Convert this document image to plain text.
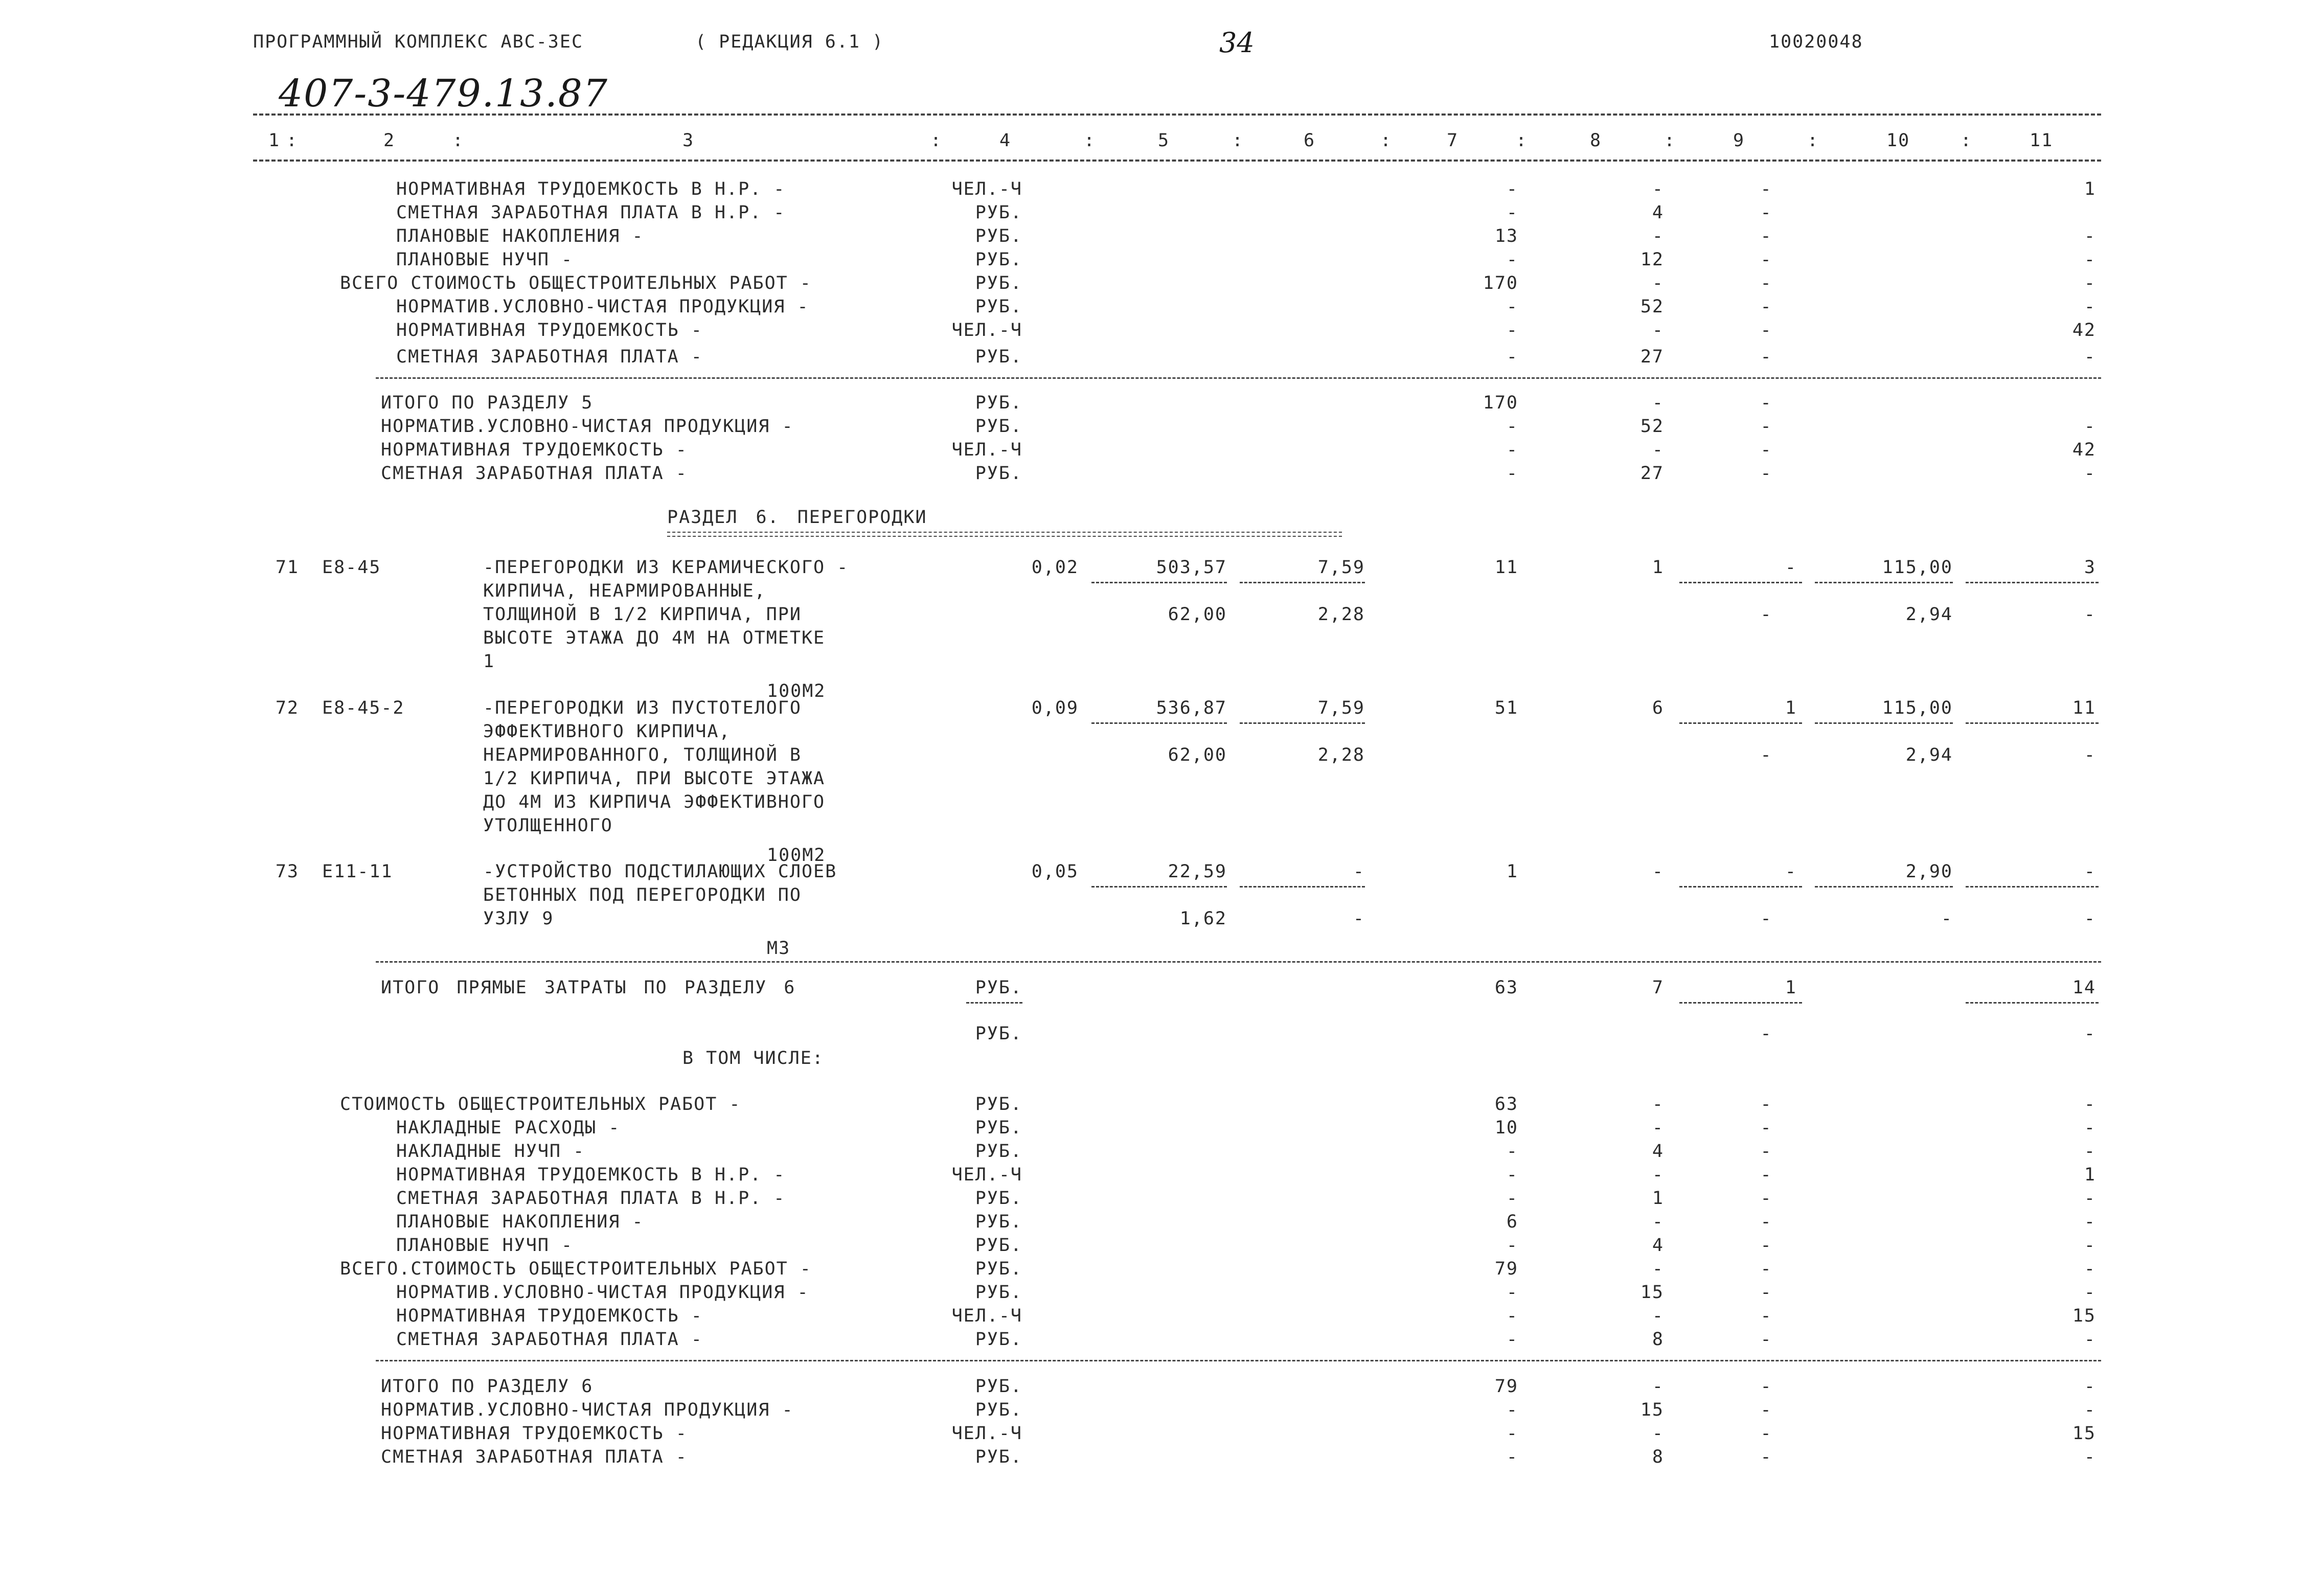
ПРОГРАММНЫЙ КОМПЛЕКС АВС-3ЕС	( РЕДАКЦИЯ 6.1 )	34	10020048
407-3-479.13.87
1 :	2	:	3	:	4	:	5	:	6	:	7	:	8	:	9	:	10	:	11
НОРМАТИВНАЯ ТРУДОЕМКОСТЬ В Н.Р. -	ЧЕЛ.-Ч	-	-	-	1
СМЕТНАЯ ЗАРАБОТНАЯ ПЛАТА В Н.Р. -	РУБ.	-	4	-
ПЛАНОВЫЕ НАКОПЛЕНИЯ -	РУБ.	13	-	-	-
ПЛАНОВЫЕ НУЧП -	РУБ.	-	12	-	-
ВСЕГО СТОИМОСТЬ ОБЩЕСТРОИТЕЛЬНЫХ РАБОТ -	РУБ.	170	-	-	-
НОРМАТИВ.УСЛОВНО-ЧИСТАЯ ПРОДУКЦИЯ -	РУБ.	-	52	-	-
НОРМАТИВНАЯ ТРУДОЕМКОСТЬ -	ЧЕЛ.-Ч	-	-	-	42
СМЕТНАЯ ЗАРАБОТНАЯ ПЛАТА -	РУБ.	-	27	-	-
ИТОГО ПО РАЗДЕЛУ 5	РУБ.	170	-	-
НОРМАТИВ.УСЛОВНО-ЧИСТАЯ ПРОДУКЦИЯ -	РУБ.	-	52	-	-
НОРМАТИВНАЯ ТРУДОЕМКОСТЬ -	ЧЕЛ.-Ч	-	-	-	42
СМЕТНАЯ ЗАРАБОТНАЯ ПЛАТА -	РУБ.	-	27	-	-
РАЗДЕЛ 6. ПЕРЕГОРОДКИ
71 Е8-45	-ПЕРЕГОРОДКИ ИЗ КЕРАМИЧЕСКОГО -
КИРПИЧА, НЕАРМИРОВАННЫЕ,
ТОЛЩИНОЙ В 1/2 КИРПИЧА, ПРИ
ВЫСОТЕ ЭТАЖА ДО 4М НА ОТМЕТКЕ
1
100М2
0,02	503,57	7,59	11	1	-	115,00	3
62,00	2,28	-	2,94	-
72 Е8-45-2	-ПЕРЕГОРОДКИ ИЗ ПУСТОТЕЛОГО
ЭФФЕКТИВНОГО КИРПИЧА,
НЕАРМИРОВАННОГО, ТОЛЩИНОЙ В
1/2 КИРПИЧА, ПРИ ВЫСОТЕ ЭТАЖА
ДО 4М ИЗ КИРПИЧА ЭФФЕКТИВНОГО
УТОЛЩЕННОГО
100М2
0,09	536,87	7,59	51	6	1	115,00	11
62,00	2,28	-	2,94	-
73 Е11-11	-УСТРОЙСТВО ПОДСТИЛАЮЩИХ СЛОЕВ
БЕТОННЫХ ПОД ПЕРЕГОРОДКИ ПО
УЗЛУ 9
М3
0,05	22,59	-	1	-	-	2,90	-
1,62	-	-	-	-
ИТОГО ПРЯМЫЕ ЗАТРАТЫ ПО РАЗДЕЛУ 6	РУБ.	63	7	1	14
РУБ.	-	-
В ТОМ ЧИСЛЕ:
СТОИМОСТЬ ОБЩЕСТРОИТЕЛЬНЫХ РАБОТ -	РУБ.	63	-	-	-
НАКЛАДНЫЕ РАСХОДЫ -	РУБ.	10	-	-	-
НАКЛАДНЫЕ НУЧП -	РУБ.	-	4	-	-
НОРМАТИВНАЯ ТРУДОЕМКОСТЬ В Н.Р. -	ЧЕЛ.-Ч	-	-	-	1
СМЕТНАЯ ЗАРАБОТНАЯ ПЛАТА В Н.Р. -	РУБ.	-	1	-	-
ПЛАНОВЫЕ НАКОПЛЕНИЯ -	РУБ.	6	-	-	-
ПЛАНОВЫЕ НУЧП -	РУБ.	-	4	-	-
ВСЕГО.СТОИМОСТЬ ОБЩЕСТРОИТЕЛЬНЫХ РАБОТ -	РУБ.	79	-	-	-
НОРМАТИВ.УСЛОВНО-ЧИСТАЯ ПРОДУКЦИЯ -	РУБ.	-	15	-	-
НОРМАТИВНАЯ ТРУДОЕМКОСТЬ -	ЧЕЛ.-Ч	-	-	-	15
СМЕТНАЯ ЗАРАБОТНАЯ ПЛАТА -	РУБ.	-	8	-	-
ИТОГО ПО РАЗДЕЛУ 6	РУБ.	79	-	-	-
НОРМАТИВ.УСЛОВНО-ЧИСТАЯ ПРОДУКЦИЯ -	РУБ.	-	15	-	-
НОРМАТИВНАЯ ТРУДОЕМКОСТЬ -	ЧЕЛ.-Ч	-	-	-	15
СМЕТНАЯ ЗАРАБОТНАЯ ПЛАТА -	РУБ.	-	8	-	-
